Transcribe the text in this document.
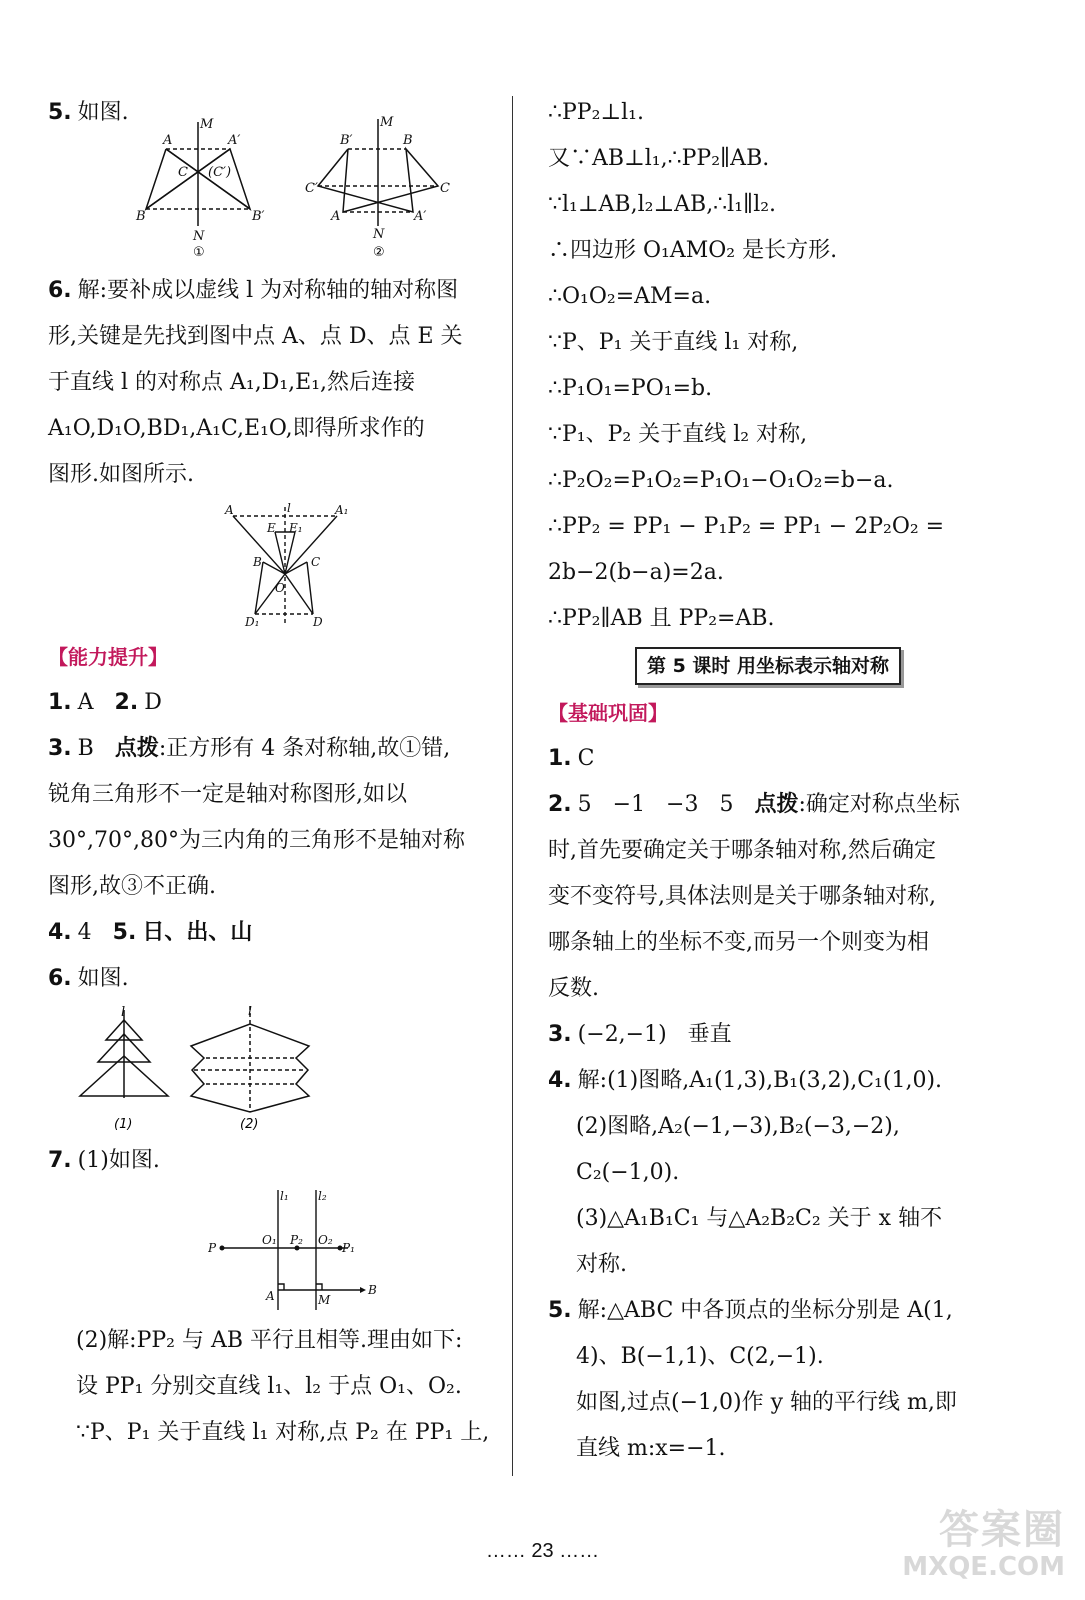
5. 如图.	M
A	A′
C (C′)
B	B′
N
M
B′	B
C′	C
A	A′
N
①	②

6. 解:要补成以虚线 l 为对称轴的轴对称图

形,关键是先找到图中点 A、点 D、点 E 关

于直线 l 的对称点 A₁,D₁,E₁,然后连接

A₁O,D₁O,BD₁,A₁C,E₁O,即得所求作的

图形.如图所示.

A	l	A₁
E E₁
B	C
O
D₁	D

【能力提升】

1. A 2. D

3. B 点拨:正方形有 4 条对称轴,故①错,

锐角三角形不一定是轴对称图形,如以

30°,70°,80°为三内角的三角形不是轴对称

图形,故③不正确.

4. 4 5. 日、出、山

6. 如图.

l	l
(1)	(2)

7. (1)如图.

l₁ l₂
P
O₁ P₂ O₂
P₁
A	M
B

(2)解:PP₂ 与 AB 平行且相等.理由如下:

设 PP₁ 分别交直线 l₁、l₂ 于点 O₁、O₂.

∵P、P₁ 关于直线 l₁ 对称,点 P₂ 在 PP₁ 上,

∴PP₂⊥l₁.

又∵AB⊥l₁,∴PP₂∥AB.

∵l₁⊥AB,l₂⊥AB,∴l₁∥l₂.

∴四边形 O₁AMO₂ 是长方形.

∴O₁O₂=AM=a.

∵P、P₁ 关于直线 l₁ 对称,

∴P₁O₁=PO₁=b.

∵P₁、P₂ 关于直线 l₂ 对称,

∴P₂O₂=P₁O₂=P₁O₁−O₁O₂=b−a.

∴PP₂ = PP₁ − P₁P₂ = PP₁ − 2P₂O₂ =

2b−2(b−a)=2a.

∴PP₂∥AB 且 PP₂=AB.

第 5 课时 用坐标表示轴对称

【基础巩固】

1. C

2. 5   −1   −3   5 点拨:确定对称点坐标

时,首先要确定关于哪条轴对称,然后确定

变不变符号,具体法则是关于哪条轴对称,

哪条轴上的坐标不变,而另一个则变为相

反数.

3. (−2,−1)   垂直

4. 解:(1)图略,A₁(1,3),B₁(3,2),C₁(1,0).

(2)图略,A₂(−1,−3),B₂(−3,−2),

C₂(−1,0).

(3)△A₁B₁C₁ 与△A₂B₂C₂ 关于 x 轴不

对称.

5. 解:△ABC 中各顶点的坐标分别是 A(1,

4)、B(−1,1)、C(2,−1).

如图,过点(−1,0)作 y 轴的平行线 m,即

直线 m:x=−1.

…… 23 ……	答案圈
MXQE.COM
